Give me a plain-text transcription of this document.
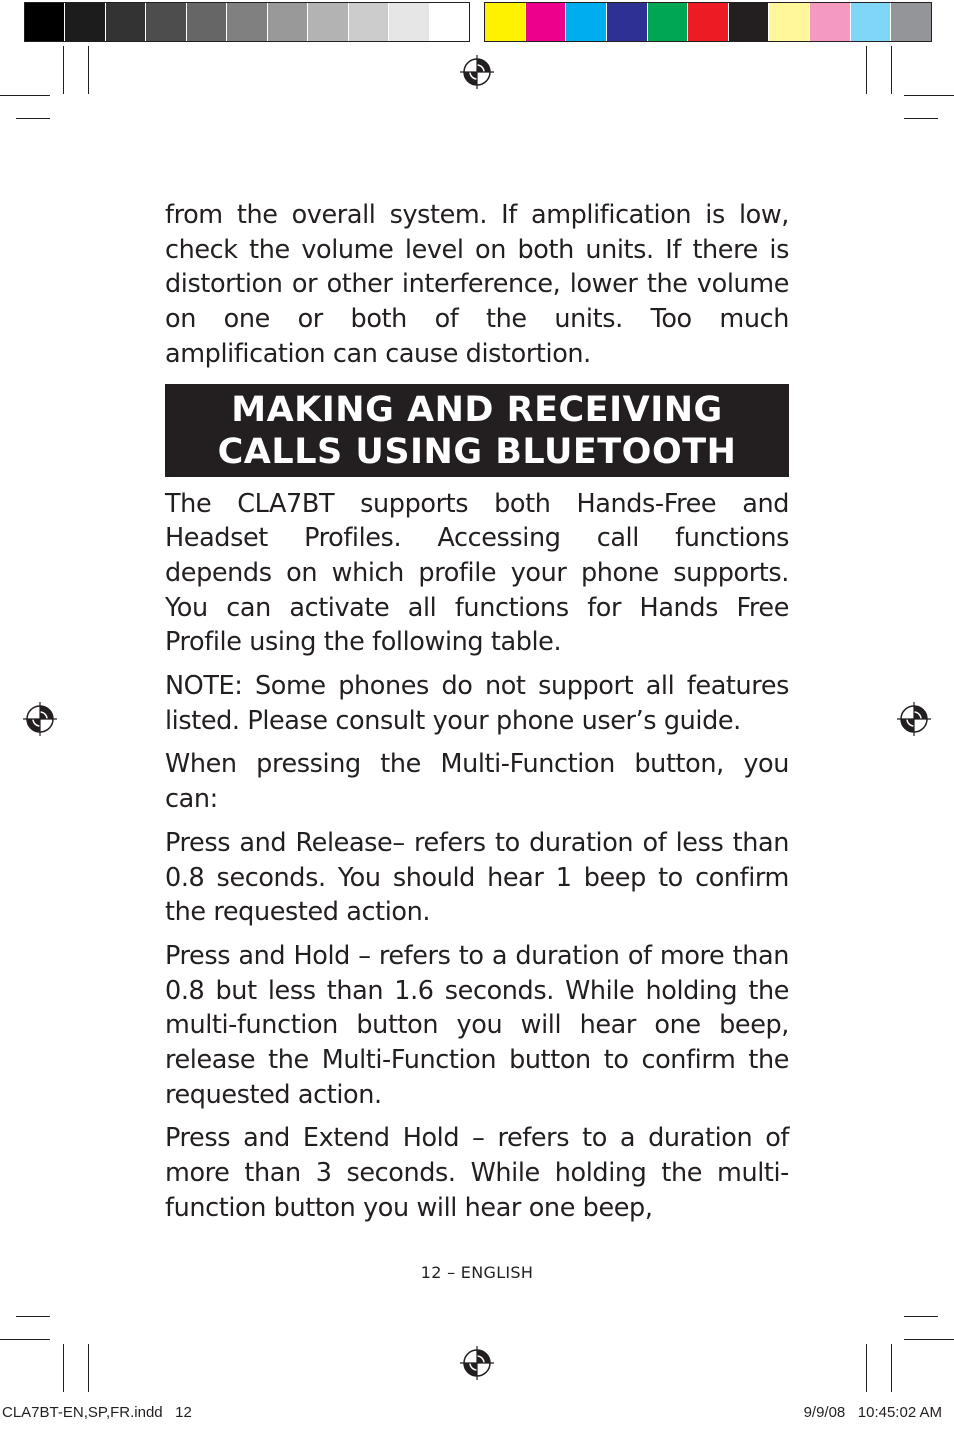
from the overall system. If amplification is low, check the volume level on both units. If there is distortion or other interference, lower the volume on one or both of the units. Too much amplification can cause distortion.

MAKING AND RECEIVING
CALLS USING BLUETOOTH

The CLA7BT supports both Hands-Free and Headset Profiles. Accessing call functions depends on which profile your phone supports. You can activate all functions for Hands Free Profile using the following table.

NOTE: Some phones do not support all features listed. Please consult your phone user’s guide.

When pressing the Multi-Function button, you can:

Press and Release– refers to duration of less than 0.8 seconds. You should hear 1 beep to confirm the requested action.

Press and Hold – refers to a duration of more than 0.8 but less than 1.6 seconds. While holding the multi-function button you will hear one beep, release the Multi-Function button to confirm the requested action.

Press and Extend Hold – refers to a duration of more than 3 seconds. While holding the multi-function button you will hear one beep,

12 – ENGLISH
CLA7BT-EN,SP,FR.indd   12	9/9/08   10:45:02 AM
